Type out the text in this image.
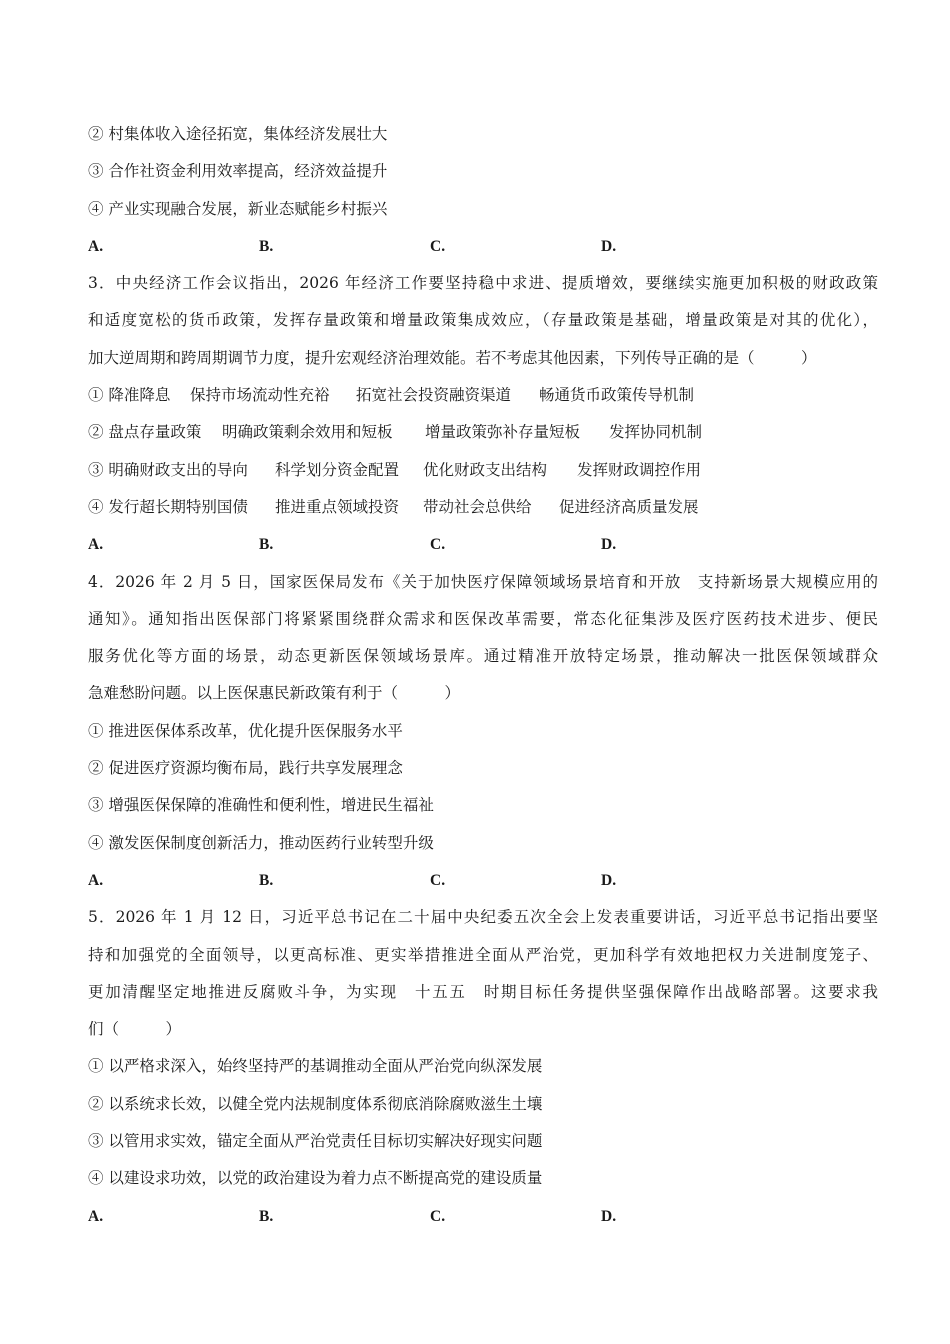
② 村集体收入途径拓宽，集体经济发展壮大
③ 合作社资金利用效率提高，经济效益提升
④ 产业实现融合发展，新业态赋能乡村振兴
A.	B.	C.	D.
3．中央经济工作会议指出，2026 年经济工作要坚持稳中求进、提质增效，要继续实施更加积极的财政政策
和适度宽松的货币政策，发挥存量政策和增量政策集成效应，（存量政策是基础，增量政策是对其的优化），
加大逆周期和跨周期调节力度，提升宏观经济治理效能。若不考虑其他因素，下列传导正确的是（　　　）
① 降准降息	保持市场流动性充裕	拓宽社会投资融资渠道	畅通货币政策传导机制
② 盘点存量政策	明确政策剩余效用和短板	增量政策弥补存量短板	发挥协同机制
③ 明确财政支出的导向	科学划分资金配置	优化财政支出结构	发挥财政调控作用
④ 发行超长期特别国债	推进重点领域投资	带动社会总供给	促进经济高质量发展
A.	B.	C.	D.
4．2026 年 2 月 5 日，国家医保局发布《关于加快医疗保障领域场景培育和开放　支持新场景大规模应用的
通知》。通知指出医保部门将紧紧围绕群众需求和医保改革需要，常态化征集涉及医疗医药技术进步、便民
服务优化等方面的场景，动态更新医保领域场景库。通过精准开放特定场景，推动解决一批医保领域群众
急难愁盼问题。以上医保惠民新政策有利于（　　　）
① 推进医保体系改革，优化提升医保服务水平
② 促进医疗资源均衡布局，践行共享发展理念
③ 增强医保保障的准确性和便利性，增进民生福祉
④ 激发医保制度创新活力，推动医药行业转型升级
A.	B.	C.	D.
5．2026 年 1 月 12 日，习近平总书记在二十届中央纪委五次全会上发表重要讲话，习近平总书记指出要坚
持和加强党的全面领导，以更高标准、更实举措推进全面从严治党，更加科学有效地把权力关进制度笼子、
更加清醒坚定地推进反腐败斗争，为实现　十五五　时期目标任务提供坚强保障作出战略部署。这要求我
们（　　　）
① 以严格求深入，始终坚持严的基调推动全面从严治党向纵深发展
② 以系统求长效，以健全党内法规制度体系彻底消除腐败滋生土壤
③ 以管用求实效，锚定全面从严治党责任目标切实解决好现实问题
④ 以建设求功效，以党的政治建设为着力点不断提高党的建设质量
A.	B.	C.	D.
